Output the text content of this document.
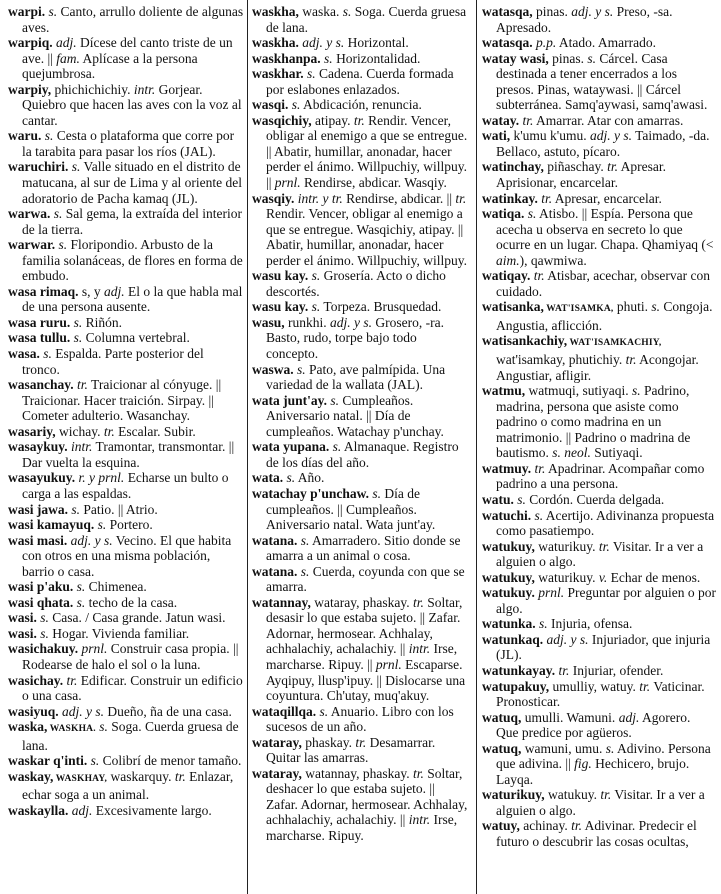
warpi. s. Canto, arrullo doliente de algunas aves.

warpiq. adj. Dícese del canto triste de un ave. || fam. Aplícase a la persona quejumbrosa.

warpiy, phichichichiy. intr. Gorjear. Quiebro que hacen las aves con la voz al cantar.

waru. s. Cesta o plataforma que corre por la tarabita para pasar los ríos (JAL).

waruchiri. s. Valle situado en el distrito de matucana, al sur de Lima y al oriente del adoratorio de Pacha kamaq (JL).

warwa. s. Sal gema, la extraída del interior de la tierra.

warwar. s. Floripondio. Arbusto de la familia solanáceas, de flores en forma de embudo.

wasa rimaq. s, y adj. El o la que habla mal de una persona ausente.

wasa ruru. s. Riñón.

wasa tullu. s. Columna vertebral.

wasa. s. Espalda. Parte posterior del tronco.

wasanchay. tr. Traicionar al cónyuge. || Traicionar. Hacer traición. Sirpay. || Cometer adulterio. Wasanchay.

wasariy, wichay. tr. Escalar. Subir.

wasaykuy. intr. Tramontar, transmontar. || Dar vuelta la esquina.

wasayukuy. r. y prnl. Echarse un bulto o carga a las espaldas.

wasi jawa. s. Patio. || Atrio.

wasi kamayuq. s. Portero.

wasi masi. adj. y s. Vecino. El que habita con otros en una misma población, barrio o casa.

wasi p'aku. s. Chimenea.

wasi qhata. s. techo de la casa.

wasi. s. Casa. / Casa grande. Jatun wasi.

wasi. s. Hogar. Vivienda familiar.

wasichakuy. prnl. Construir casa propia. || Rodearse de halo el sol o la luna.

wasichay. tr. Edificar. Construir un edificio o una casa.

wasiyuq. adj. y s. Dueño, ña de una casa.

waska, WASKHA. s. Soga. Cuerda gruesa de lana.

waskar q'inti. s. Colibrí de menor tamaño.

waskay, WASKHAY, waskarquy. tr. Enlazar, echar soga a un animal.

waskaylla. adj. Excesivamente largo.

waskha, waska. s. Soga. Cuerda gruesa de lana.

waskha. adj. y s. Horizontal.

waskhanpa. s. Horizontalidad.

waskhar. s. Cadena. Cuerda formada por eslabones enlazados.

wasqi. s. Abdicación, renuncia.

wasqichiy, atipay. tr. Rendir. Vencer, obligar al enemigo a que se entregue. || Abatir, humillar, anonadar, hacer perder el ánimo. Willpuchiy, willpuy. || prnl. Rendirse, abdicar. Wasqiy.

wasqiy. intr. y tr. Rendirse, abdicar. || tr. Rendir. Vencer, obligar al enemigo a que se entregue. Wasqichiy, atipay. || Abatir, humillar, anonadar, hacer perder el ánimo. Willpuchiy, willpuy.

wasu kay. s. Grosería. Acto o dicho descortés.

wasu kay. s. Torpeza. Brusquedad.

wasu, runkhi. adj. y s. Grosero, -ra. Basto, rudo, torpe bajo todo concepto.

waswa. s. Pato, ave palmípida. Una variedad de la wallata (JAL).

wata junt'ay. s. Cumpleaños. Aniversario natal. || Día de cumpleaños. Watachay p'unchay.

wata yupana. s. Almanaque. Registro de los días del año.

wata. s. Año.

watachay p'unchaw. s. Día de cumpleaños. || Cumpleaños. Aniversario natal. Wata junt'ay.

watana. s. Amarradero. Sitio donde se amarra a un animal o cosa.

watana. s. Cuerda, coyunda con que se amarra.

watannay, wataray, phaskay. tr. Soltar, desasir lo que estaba sujeto. || Zafar. Adornar, hermosear. Achhalay, achhalachiy, achalachiy. || intr. Irse, marcharse. Ripuy. || prnl. Escaparse. Ayqipuy, llusp'ipuy. || Dislocarse una coyuntura. Ch'utay, muq'akuy.

wataqillqa. s. Anuario. Libro con los sucesos de un año.

wataray, phaskay. tr. Desamarrar. Quitar las amarras.

wataray, watannay, phaskay. tr. Soltar, deshacer lo que estaba sujeto. || Zafar. Adornar, hermosear. Achhalay, achhalachiy, achalachiy. || intr. Irse, marcharse. Ripuy.

watasqa, pinas. adj. y s. Preso, -sa. Apresado.

watasqa. p.p. Atado. Amarrado.

watay wasi, pinas. s. Cárcel. Casa destinada a tener encerrados a los presos. Pinas, wataywasi. || Cárcel subterránea. Samq'aywasi, samq'awasi.

watay. tr. Amarrar. Atar con amarras.

wati, k'umu k'umu. adj. y s. Taimado, -da. Bellaco, astuto, pícaro.

watinchay, piñaschay. tr. Apresar. Aprisionar, encarcelar.

watinkay. tr. Apresar, encarcelar.

watiqa. s. Atisbo. || Espía. Persona que acecha u observa en secreto lo que ocurre en un lugar. Chapa. Qhamiyaq (< aim.), qawmiwa.

watiqay. tr. Atisbar, acechar, observar con cuidado.

watisanka, WAT'ISAMKA, phuti. s. Congoja. Angustia, aflicción.

watisankachiy, WAT'ISAMKACHIY, wat'isamkay, phutichiy. tr. Acongojar. Angustiar, afligir.

watmu, watmuqi, sutiyaqi. s. Padrino, madrina, persona que asiste como padrino o como madrina en un matrimonio. || Padrino o madrina de bautismo. s. neol. Sutiyaqi.

watmuy. tr. Apadrinar. Acompañar como padrino a una persona.

watu. s. Cordón. Cuerda delgada.

watuchi. s. Acertijo. Adivinanza propuesta como pasatiempo.

watukuy, waturikuy. tr. Visitar. Ir a ver a alguien o algo.

watukuy, waturikuy. v. Echar de menos.

watukuy. prnl. Preguntar por alguien o por algo.

watunka. s. Injuria, ofensa.

watunkaq. adj. y s. Injuriador, que injuria (JL).

watunkayay. tr. Injuriar, ofender.

watupakuy, umulliy, watuy. tr. Vaticinar. Pronosticar.

watuq, umulli. Wamuni. adj. Agorero. Que predice por agüeros.

watuq, wamuni, umu. s. Adivino. Persona que adivina. || fig. Hechicero, brujo. Layqa.

waturikuy, watukuy. tr. Visitar. Ir a ver a alguien o algo.

watuy, achinay. tr. Adivinar. Predecir el futuro o descubrir las cosas ocultas,
